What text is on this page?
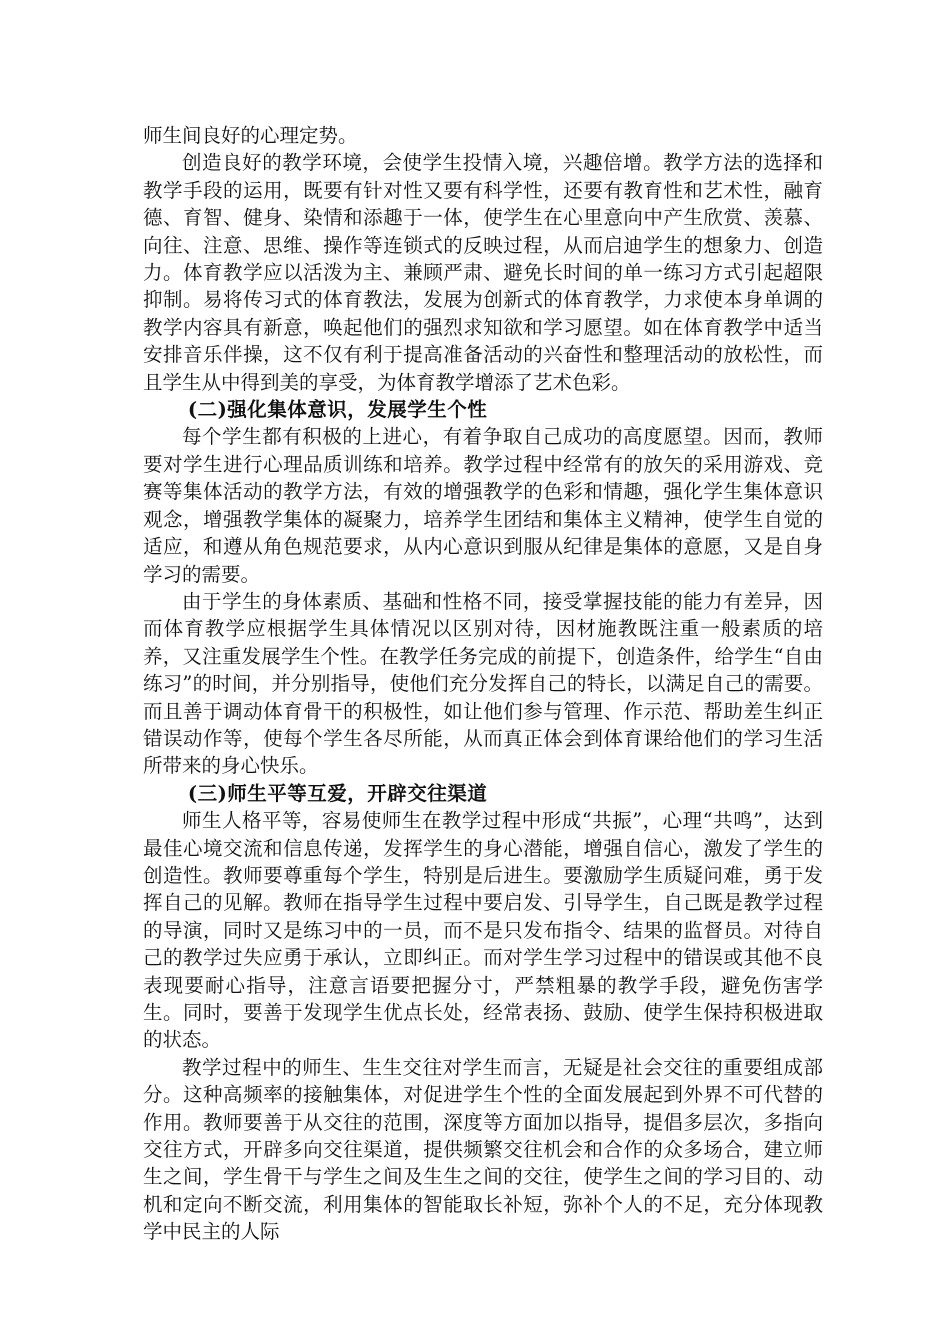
师生间良好的心理定势。

创造良好的教学环境，会使学生投情入境，兴趣倍增。教学方法的选择和教学手段的运用，既要有针对性又要有科学性，还要有教育性和艺术性，融育德、育智、健身、染情和添趣于一体，使学生在心里意向中产生欣赏、羡慕、向往、注意、思维、操作等连锁式的反映过程，从而启迪学生的想象力、创造力。体育教学应以活泼为主、兼顾严肃、避免长时间的单一练习方式引起超限抑制。易将传习式的体育教法，发展为创新式的体育教学，力求使本身单调的教学内容具有新意，唤起他们的强烈求知欲和学习愿望。如在体育教学中适当安排音乐伴操，这不仅有利于提高准备活动的兴奋性和整理活动的放松性，而且学生从中得到美的享受，为体育教学增添了艺术色彩。

(二)强化集体意识，发展学生个性

每个学生都有积极的上进心，有着争取自己成功的高度愿望。因而，教师要对学生进行心理品质训练和培养。教学过程中经常有的放矢的采用游戏、竞赛等集体活动的教学方法，有效的增强教学的色彩和情趣，强化学生集体意识观念，增强教学集体的凝聚力，培养学生团结和集体主义精神，使学生自觉的适应，和遵从角色规范要求，从内心意识到服从纪律是集体的意愿，又是自身学习的需要。

由于学生的身体素质、基础和性格不同，接受掌握技能的能力有差异，因而体育教学应根据学生具体情况以区别对待，因材施教既注重一般素质的培养，又注重发展学生个性。在教学任务完成的前提下，创造条件，给学生“自由练习”的时间，并分别指导，使他们充分发挥自己的特长，以满足自己的需要。而且善于调动体育骨干的积极性，如让他们参与管理、作示范、帮助差生纠正错误动作等，使每个学生各尽所能，从而真正体会到体育课给他们的学习生活所带来的身心快乐。

(三)师生平等互爱，开辟交往渠道

师生人格平等，容易使师生在教学过程中形成“共振”，心理“共鸣”，达到最佳心境交流和信息传递，发挥学生的身心潜能，增强自信心，激发了学生的创造性。教师要尊重每个学生，特别是后进生。要激励学生质疑问难，勇于发挥自己的见解。教师在指导学生过程中要启发、引导学生，自己既是教学过程的导演，同时又是练习中的一员，而不是只发布指令、结果的监督员。对待自己的教学过失应勇于承认，立即纠正。而对学生学习过程中的错误或其他不良表现要耐心指导，注意言语要把握分寸，严禁粗暴的教学手段，避免伤害学生。同时，要善于发现学生优点长处，经常表扬、鼓励、使学生保持积极进取的状态。

教学过程中的师生、生生交往对学生而言，无疑是社会交往的重要组成部分。这种高频率的接触集体，对促进学生个性的全面发展起到外界不可代替的作用。教师要善于从交往的范围，深度等方面加以指导，提倡多层次，多指向交往方式，开辟多向交往渠道，提供频繁交往机会和合作的众多场合，建立师生之间，学生骨干与学生之间及生生之间的交往，使学生之间的学习目的、动机和定向不断交流，利用集体的智能取长补短，弥补个人的不足，充分体现教学中民主的人际
